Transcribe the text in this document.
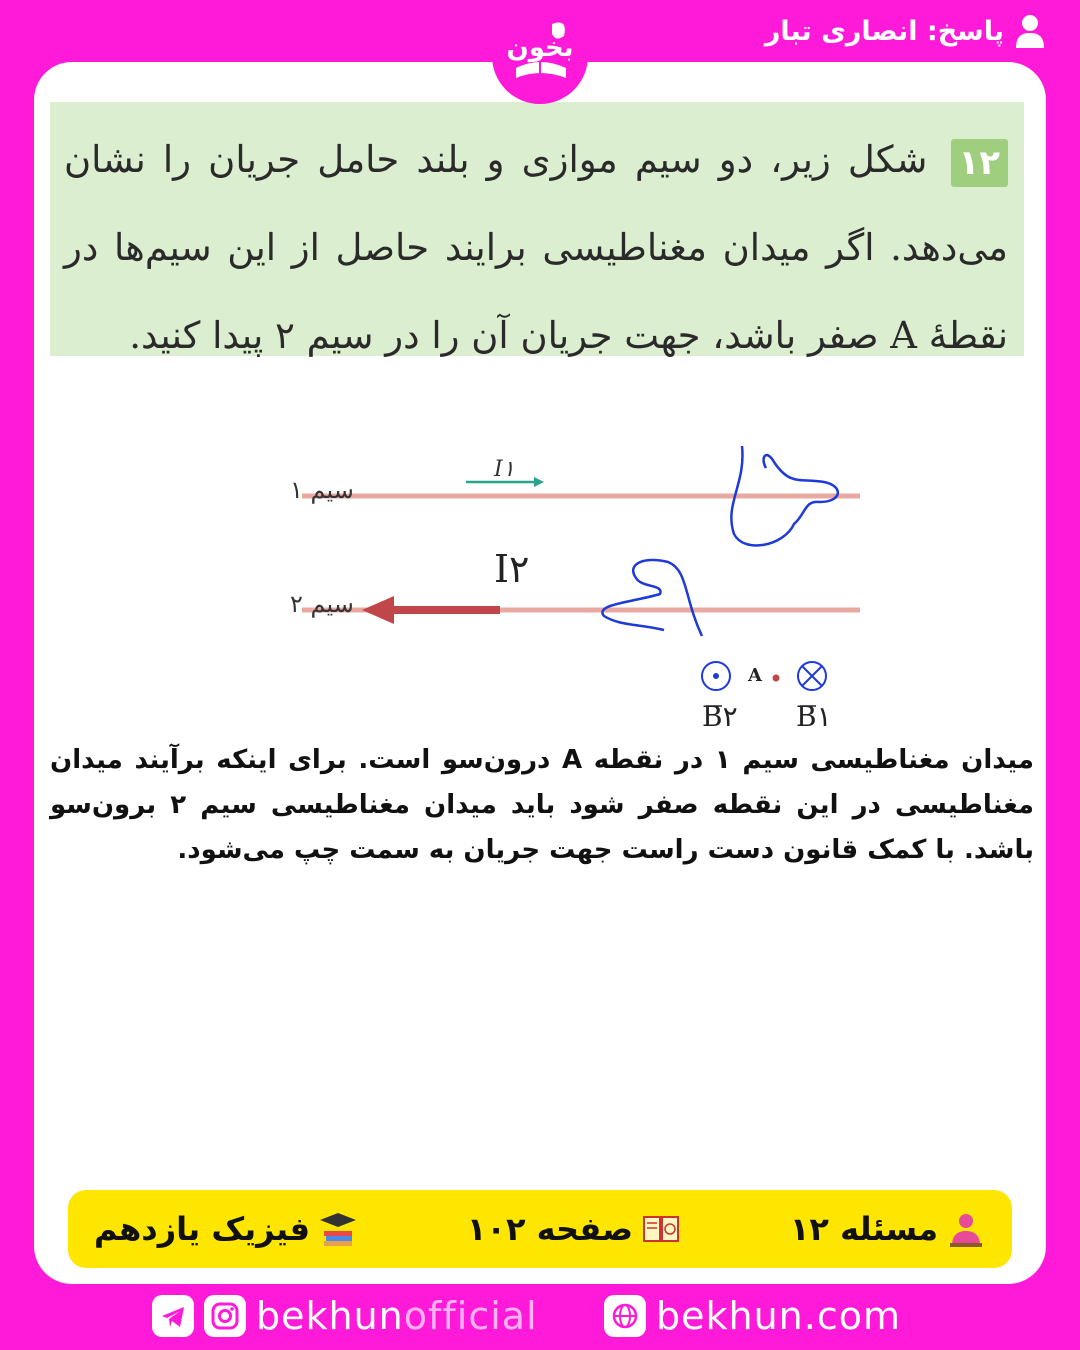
پاسخ: انصاری تبار
بخون

۱۲ شکل زیر، دو سیم موازی و بلند حامل جریان را نشان می‌دهد. اگر میدان مغناطیسی برایند حاصل از این سیم‌ها در نقطهٔ A صفر باشد، جهت جریان آن را در سیم ۲ پیدا کنید.

سیم ۱
I۱
سیم ۲
I۲
A
B۲ B۱

میدان مغناطیسی سیم ۱ در نقطه A درون‌سو است. برای اینکه برآیند میدان مغناطیسی در این نقطه صفر شود باید میدان مغناطیسی سیم ۲ برون‌سو باشد. با کمک قانون دست راست جهت جریان به سمت چپ می‌شود.

مسئله ۱۲
صفحه ۱۰۲
فیزیک یازدهم
bekhunofficial	bekhun.com
